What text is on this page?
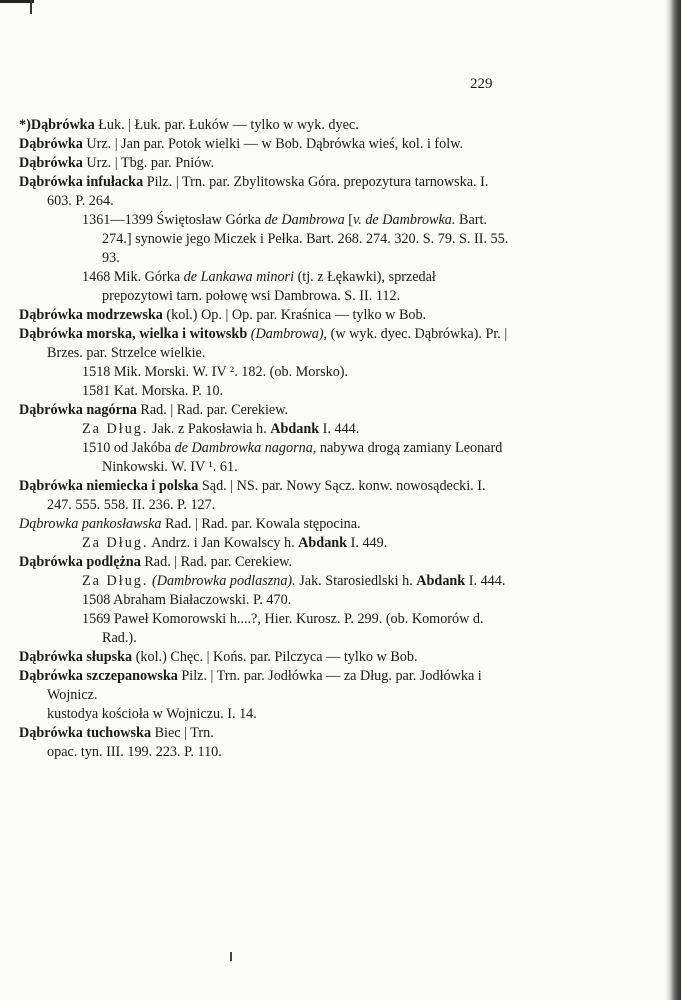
229
*)Dąbrówka Łuk. | Łuk. par. Łuków — tylko w wyk. dyec.
Dąbrówka Urz. | Jan par. Potok wielki — w Bob. Dąbrówka wieś, kol. i folw.
Dąbrówka Urz. | Tbg. par. Pniów.
Dąbrówka infułacka Pilz. | Trn. par. Zbylitowska Góra. prepozytura tarnowska. I. 603. P. 264.
1361—1399 Świętosław Górka de Dambrowa [v. de Dambrowka. Bart. 274.] synowie jego Miczek i Pełka. Bart. 268. 274. 320. S. 79. S. II. 55. 93.
1468 Mik. Górka de Lankawa minori (tj. z Łękawki), sprzedał prepozytowi tarn. połowę wsi Dambrowa. S. II. 112.
Dąbrówka modrzewska (kol.) Op. | Op. par. Kraśnica — tylko w Bob.
Dąbrówka morska, wielka i witowskb (Dambrowa), (w wyk. dyec. Dąbrówka). Pr. | Brzes. par. Strzelce wielkie.
1518 Mik. Morski. W. IV ². 182. (ob. Morsko).
1581 Kat. Morska. P. 10.
Dąbrówka nagórna Rad. | Rad. par. Cerekiew.
Za Dług. Jak. z Pakosławia h. Abdank I. 444.
1510 od Jakóba de Dambrowka nagorna, nabywa drogą zamiany Leonard Ninkowski. W. IV ¹. 61.
Dąbrówka niemiecka i polska Sąd. | NS. par. Nowy Sącz. konw. nowosądecki. I. 247. 555. 558. II. 236. P. 127.
Dąbrowka pankosławska Rad. | Rad. par. Kowala stępocina.
Za Dług. Andrz. i Jan Kowalscy h. Abdank I. 449.
Dąbrówka podlężna Rad. | Rad. par. Cerekiew.
Za Dług. (Dambrowka podlaszna). Jak. Starosiedlski h. Abdank I. 444.
1508 Abraham Białaczowski. P. 470.
1569 Paweł Komorowski h....?, Hier. Kurosz. P. 299. (ob. Komorów d. Rad.).
Dąbrówka słupska (kol.) Chęc. | Końs. par. Pilczyca — tylko w Bob.
Dąbrówka szczepanowska Pilz. | Trn. par. Jodłówka — za Dług. par. Jodłówka i Wojnicz.
kustodya kościoła w Wojniczu. I. 14.
Dąbrówka tuchowska Biec | Trn.
opac. tyn. III. 199. 223. P. 110.
